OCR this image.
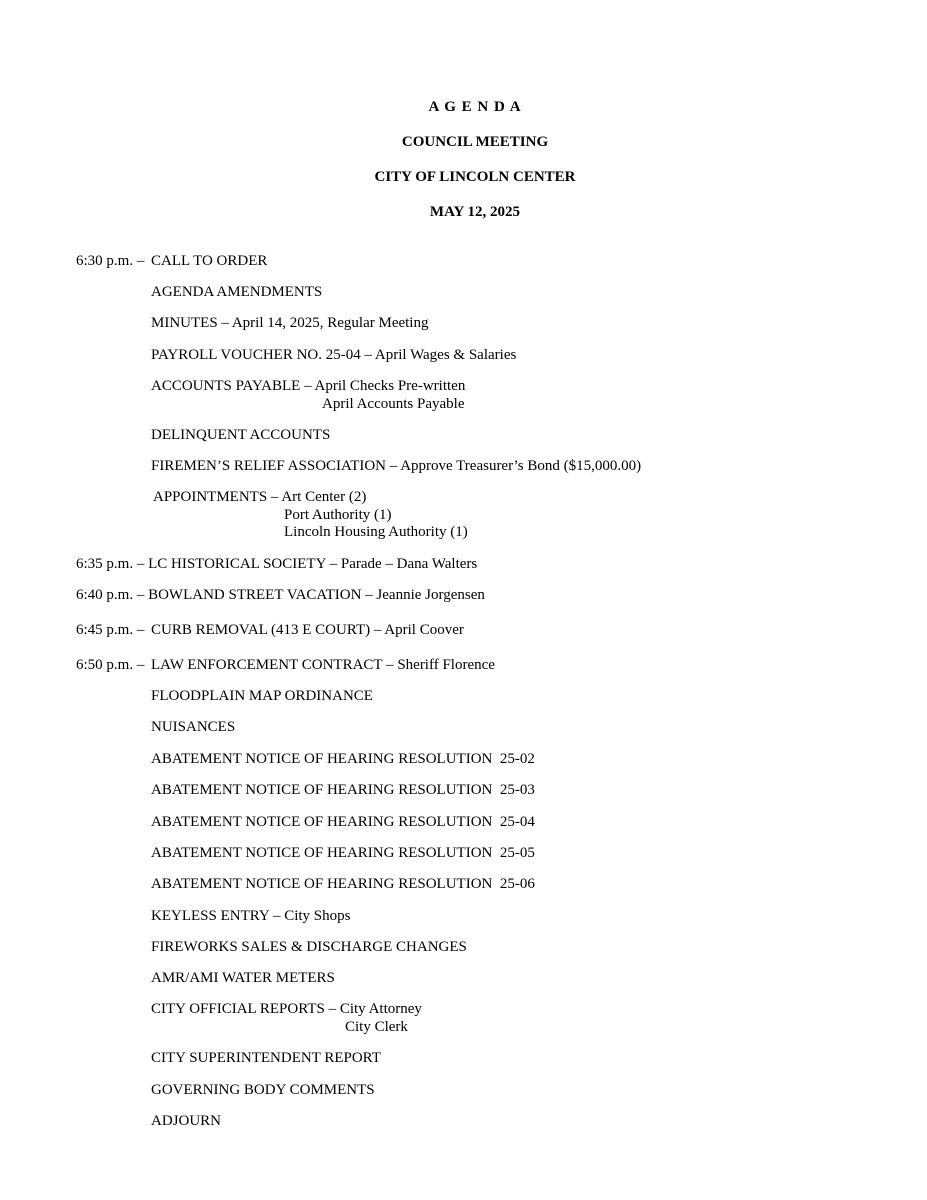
A G E N D A
COUNCIL MEETING
CITY OF LINCOLN CENTER
MAY 12, 2025
6:30 p.m. – CALL TO ORDER
AGENDA AMENDMENTS
MINUTES – April 14, 2025, Regular Meeting
PAYROLL VOUCHER NO. 25-04 – April Wages & Salaries
ACCOUNTS PAYABLE – April Checks Pre-written
April Accounts Payable
DELINQUENT ACCOUNTS
FIREMEN’S RELIEF ASSOCIATION – Approve Treasurer’s Bond ($15,000.00)
APPOINTMENTS – Art Center (2)
Port Authority (1)
Lincoln Housing Authority (1)
6:35 p.m. – LC HISTORICAL SOCIETY – Parade – Dana Walters
6:40 p.m. – BOWLAND STREET VACATION – Jeannie Jorgensen
6:45 p.m. – CURB REMOVAL (413 E COURT) – April Coover
6:50 p.m. – LAW ENFORCEMENT CONTRACT – Sheriff Florence
FLOODPLAIN MAP ORDINANCE
NUISANCES
ABATEMENT NOTICE OF HEARING RESOLUTION  25-02
ABATEMENT NOTICE OF HEARING RESOLUTION  25-03
ABATEMENT NOTICE OF HEARING RESOLUTION  25-04
ABATEMENT NOTICE OF HEARING RESOLUTION  25-05
ABATEMENT NOTICE OF HEARING RESOLUTION  25-06
KEYLESS ENTRY – City Shops
FIREWORKS SALES & DISCHARGE CHANGES
AMR/AMI WATER METERS
CITY OFFICIAL REPORTS – City Attorney
City Clerk
CITY SUPERINTENDENT REPORT
GOVERNING BODY COMMENTS
ADJOURN
